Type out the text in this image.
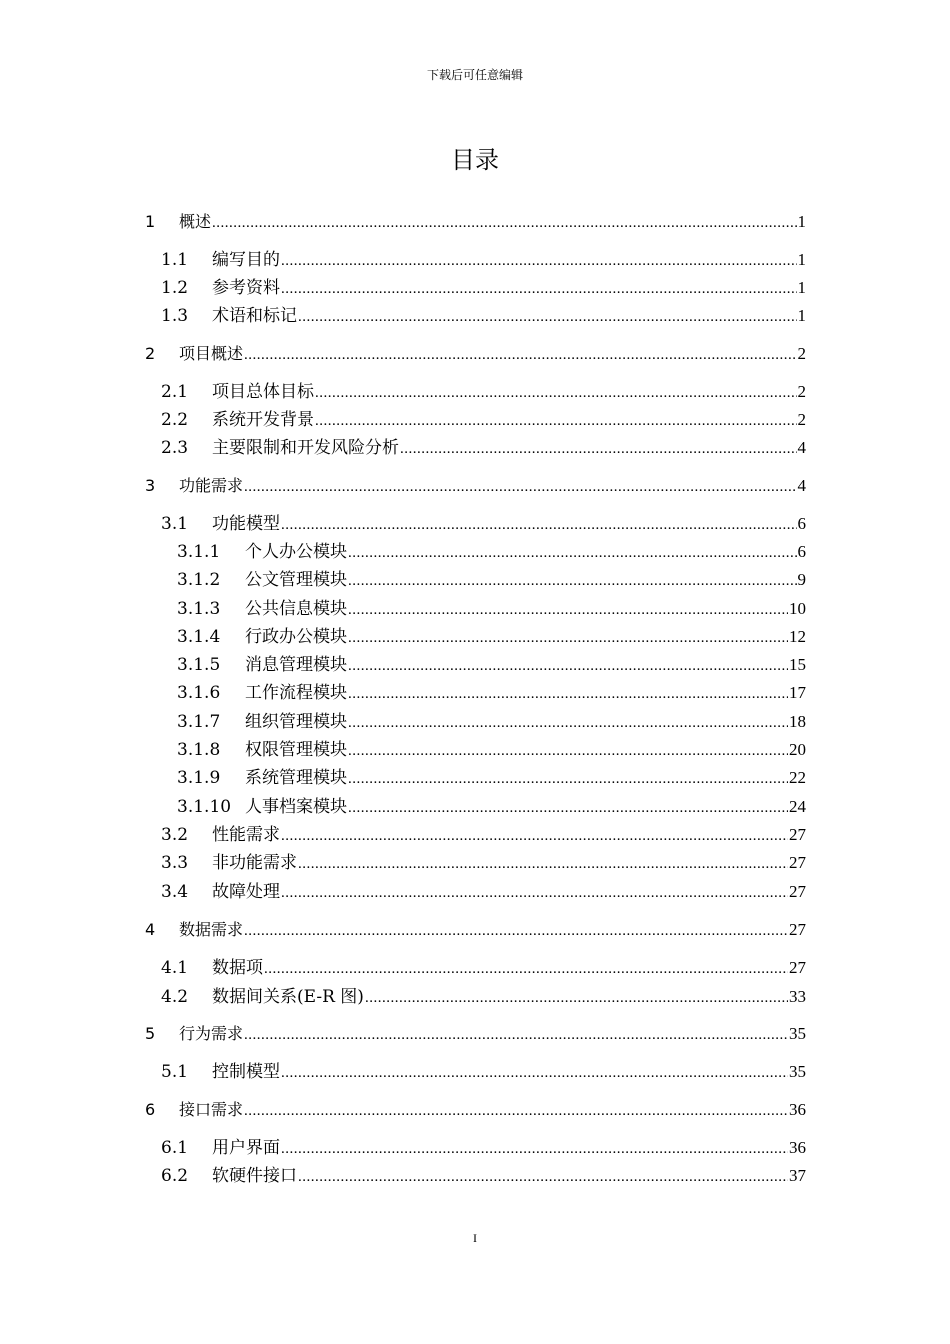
下载后可任意编辑
目录
1	概述 .....	1
1.1	编写目的 .....	1
1.2	参考资料 .....	1
1.3	术语和标记 .....	1
2	项目概述 .....	2
2.1	项目总体目标 .....	2
2.2	系统开发背景 .....	2
2.3	主要限制和开发风险分析 .....	4
3	功能需求 .....	4
3.1	功能模型 .....	6
3.1.1	个人办公模块 .....	6
3.1.2	公文管理模块 .....	9
3.1.3	公共信息模块 .....	10
3.1.4	行政办公模块 .....	12
3.1.5	消息管理模块 .....	15
3.1.6	工作流程模块 .....	17
3.1.7	组织管理模块 .....	18
3.1.8	权限管理模块 .....	20
3.1.9	系统管理模块 .....	22
3.1.10 人事档案模块 .....	24
3.2	性能需求 .....	27
3.3	非功能需求 .....	27
3.4	故障处理 .....	27
4	数据需求 .....	27
4.1	数据项 .....	27
4.2	数据间关系(E-R 图) .....	33
5	行为需求 .....	35
5.1	控制模型 .....	35
6	接口需求 .....	36
6.1	用户界面 .....	36
6.2	软硬件接口 .....	37
I
